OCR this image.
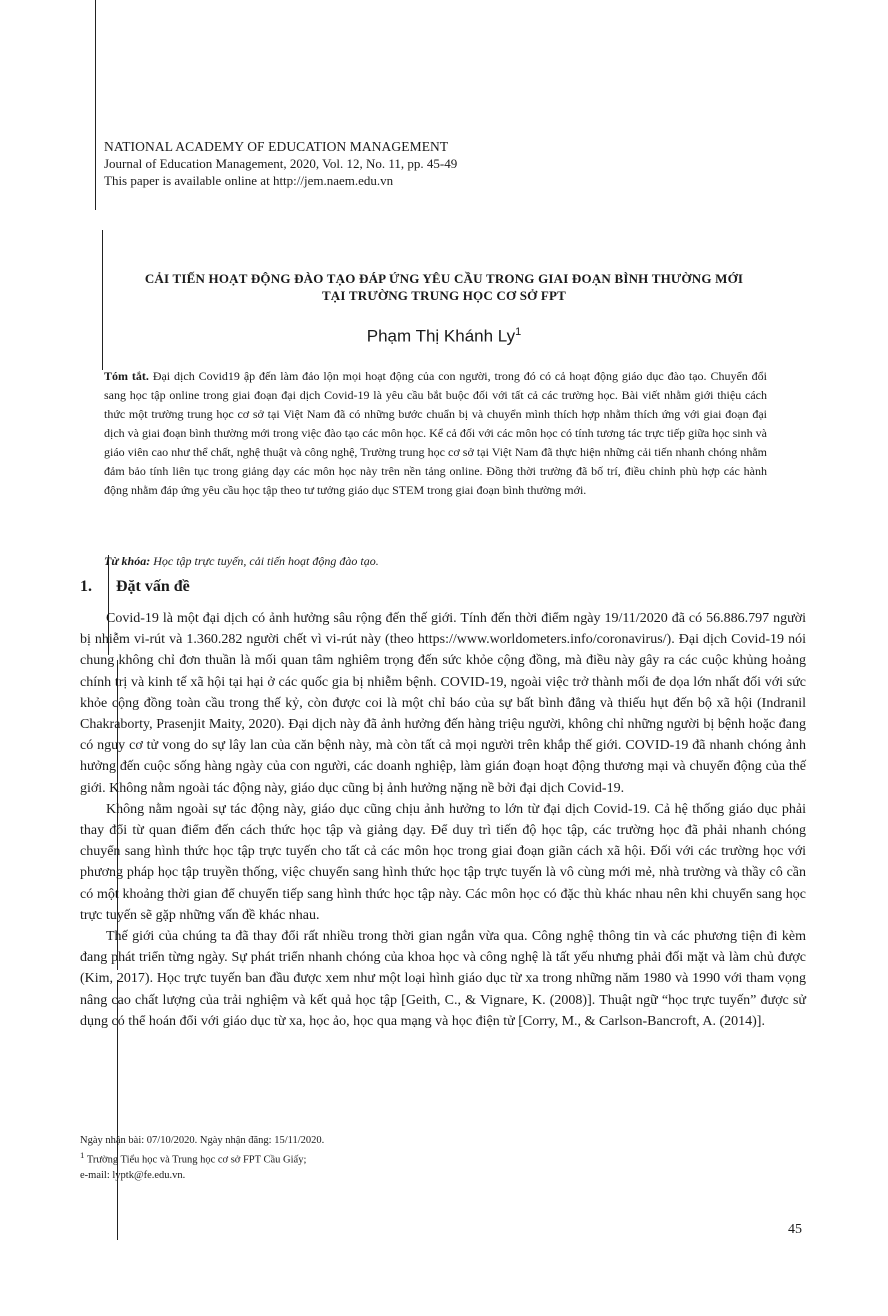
NATIONAL ACADEMY OF EDUCATION MANAGEMENT
Journal of Education Management, 2020, Vol. 12, No. 11, pp. 45-49
This paper is available online at http://jem.naem.edu.vn
CẢI TIẾN HOẠT ĐỘNG ĐÀO TẠO ĐÁP ỨNG YÊU CẦU TRONG GIAI ĐOẠN BÌNH THƯỜNG MỚI
TẠI TRƯỜNG TRUNG HỌC CƠ SỞ FPT
Phạm Thị Khánh Ly$^1$
Tóm tắt. Đại dịch Covid19 ập đến làm đảo lộn mọi hoạt động của con người, trong đó có cả hoạt động giáo dục đào tạo. Chuyển đổi sang học tập online trong giai đoạn đại dịch Covid-19 là yêu cầu bắt buộc đối với tất cả các trường học. Bài viết nhằm giới thiệu cách thức một trường trung học cơ sở tại Việt Nam đã có những bước chuẩn bị và chuyển mình thích hợp nhằm thích ứng với giai đoạn đại dịch và giai đoạn bình thường mới trong việc đào tạo các môn học. Kể cả đối với các môn học có tính tương tác trực tiếp giữa học sinh và giáo viên cao như thể chất, nghệ thuật và công nghệ, Trường trung học cơ sở tại Việt Nam đã thực hiện những cải tiến nhanh chóng nhằm đảm bảo tính liên tục trong giảng dạy các môn học này trên nền tảng online. Đồng thời trường đã bố trí, điều chỉnh phù hợp các hành động nhằm đáp ứng yêu cầu học tập theo tư tưởng giáo dục STEM trong giai đoạn bình thường mới.
Từ khóa: Học tập trực tuyến, cải tiến hoạt động đào tạo.
1. Đặt vấn đề

Covid-19 là một đại dịch có ảnh hưởng sâu rộng đến thế giới. Tính đến thời điểm ngày 19/11/2020 đã có 56.886.797 người bị nhiễm vi-rút và 1.360.282 người chết vì vi-rút này (theo https://www.worldometers.info/coronavirus/). Đại dịch Covid-19 nói chung không chỉ đơn thuần là mối quan tâm nghiêm trọng đến sức khỏe cộng đồng, mà điều này gây ra các cuộc khủng hoảng chính trị và kinh tế xã hội tại hại ở các quốc gia bị nhiễm bệnh. COVID-19, ngoài việc trở thành mối đe dọa lớn nhất đối với sức khỏe cộng đồng toàn cầu trong thế kỷ, còn được coi là một chỉ báo của sự bất bình đẳng và thiếu hụt đến bộ xã hội (Indranil Chakraborty, Prasenjit Maity, 2020). Đại dịch này đã ảnh hưởng đến hàng triệu người, không chỉ những người bị bệnh hoặc đang có nguy cơ tử vong do sự lây lan của căn bệnh này, mà còn tất cả mọi người trên khắp thế giới. COVID-19 đã nhanh chóng ảnh hưởng đến cuộc sống hàng ngày của con người, các doanh nghiệp, làm gián đoạn hoạt động thương mại và chuyển động của thế giới. Không nằm ngoài tác động này, giáo dục cũng bị ảnh hưởng nặng nề bởi đại dịch Covid-19.

Không nằm ngoài sự tác động này, giáo dục cũng chịu ảnh hưởng to lớn từ đại dịch Covid-19. Cả hệ thống giáo dục phải thay đổi từ quan điểm đến cách thức học tập và giảng dạy. Để duy trì tiến độ học tập, các trường học đã phải nhanh chóng chuyển sang hình thức học tập trực tuyến cho tất cả các môn học trong giai đoạn giãn cách xã hội. Đối với các trường học với phương pháp học tập truyền thống, việc chuyển sang hình thức học tập trực tuyến là vô cùng mới mẻ, nhà trường và thầy cô cần có một khoảng thời gian để chuyển tiếp sang hình thức học tập này. Các môn học có đặc thù khác nhau nên khi chuyển sang học trực tuyến sẽ gặp những vấn đề khác nhau.

Thế giới của chúng ta đã thay đổi rất nhiều trong thời gian ngắn vừa qua. Công nghệ thông tin và các phương tiện đi kèm đang phát triển từng ngày. Sự phát triển nhanh chóng của khoa học và công nghệ là tất yếu nhưng phải đối mặt và làm chủ được (Kim, 2017). Học trực tuyến ban đầu được xem như một loại hình giáo dục từ xa trong những năm 1980 và 1990 với tham vọng nâng cao chất lượng của trải nghiệm và kết quả học tập [Geith, C., & Vignare, K. (2008)]. Thuật ngữ “học trực tuyến” được sử dụng có thể hoán đổi với giáo dục từ xa, học ảo, học qua mạng và học điện tử [Corry, M., & Carlson-Bancroft, A. (2014)].

Ngày nhận bài: 07/10/2020. Ngày nhận đăng: 15/11/2020.
$^1$ Trường Tiểu học và Trung học cơ sở FPT Cầu Giấy;
e-mail: lyptk@fe.edu.vn.
45
